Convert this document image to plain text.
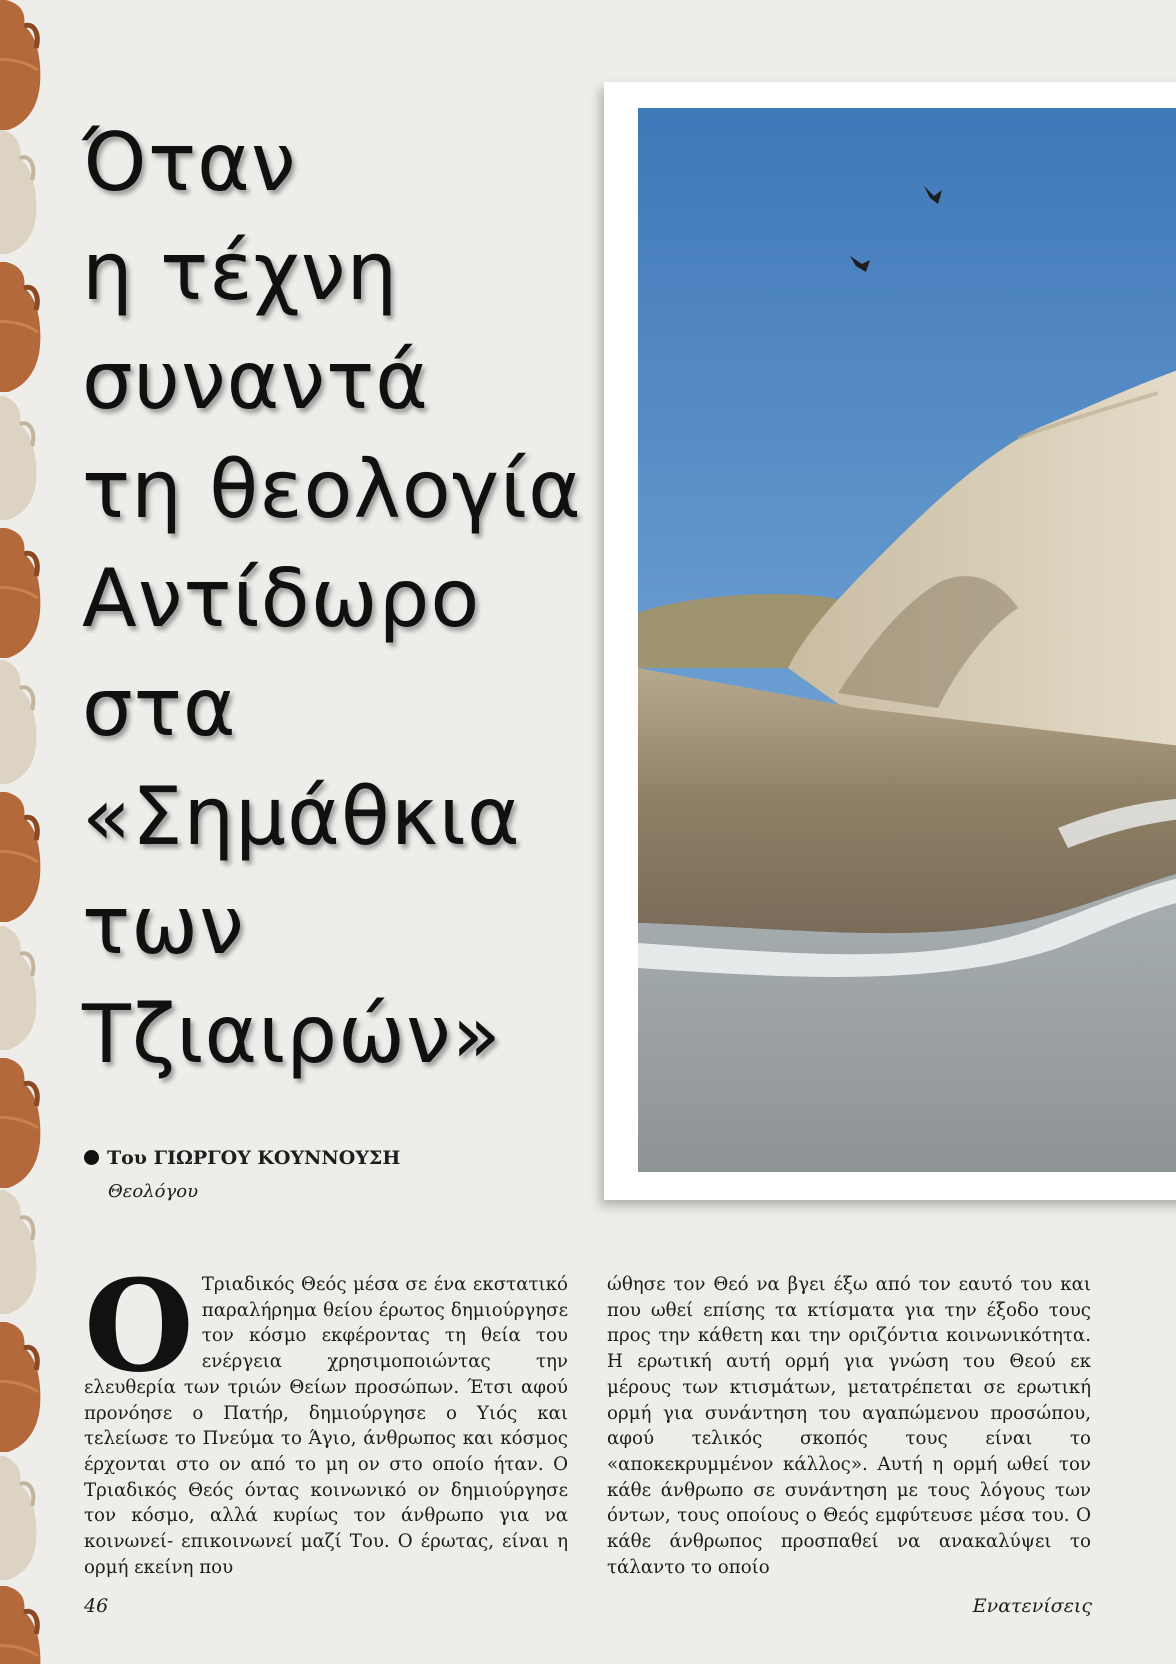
Όταν
η τέχνη
συναντά
τη θεολογία
Αντίδωρο
στα
«Σημάθκια
των
Τζιαιρών»
Του ΓΙΩΡΓΟΥ ΚΟΥΝΝΟΥΣΗ
Θεολόγου
Ο Τριαδικός Θεός μέσα σε ένα εκστατικό παραλήρημα θείου έρωτος δημιούργησε τον κόσμο εκφέροντας τη θεία του ενέργεια χρησιμοποιώντας την ελευθερία των τριών Θείων προσώπων. Έτσι αφού προνόησε ο Πατήρ, δημιούργησε ο Υιός και τελείωσε το Πνεύμα το Άγιο, άνθρωπος και κόσμος έρχονται στο ον από το μη ον στο οποίο ήταν. Ο Τριαδικός Θεός όντας κοινωνικό ον δημιούργησε τον κόσμο, αλλά κυρίως τον άνθρωπο για να κοινωνεί- επικοινωνεί μαζί Του. Ο έρωτας, είναι η ορμή εκείνη που
ώθησε τον Θεό να βγει έξω από τον εαυτό του και που ωθεί επίσης τα κτίσματα για την έξοδο τους προς την κάθετη και την οριζόντια κοινωνικότητα. Η ερωτική αυτή ορμή για γνώση του Θεού εκ μέρους των κτισμάτων, μετατρέπεται σε ερωτική ορμή για συνάντηση του αγαπώμενου προσώπου, αφού τελικός σκοπός τους είναι το «αποκεκρυμμένον κάλλος». Αυτή η ορμή ωθεί τον κάθε άνθρωπο σε συνάντηση με τους λόγους των όντων, τους οποίους ο Θεός εμφύτευσε μέσα του. Ο κάθε άνθρωπος προσπαθεί να ανακαλύψει το τάλαντο το οποίο
46	Ενατενίσεις
